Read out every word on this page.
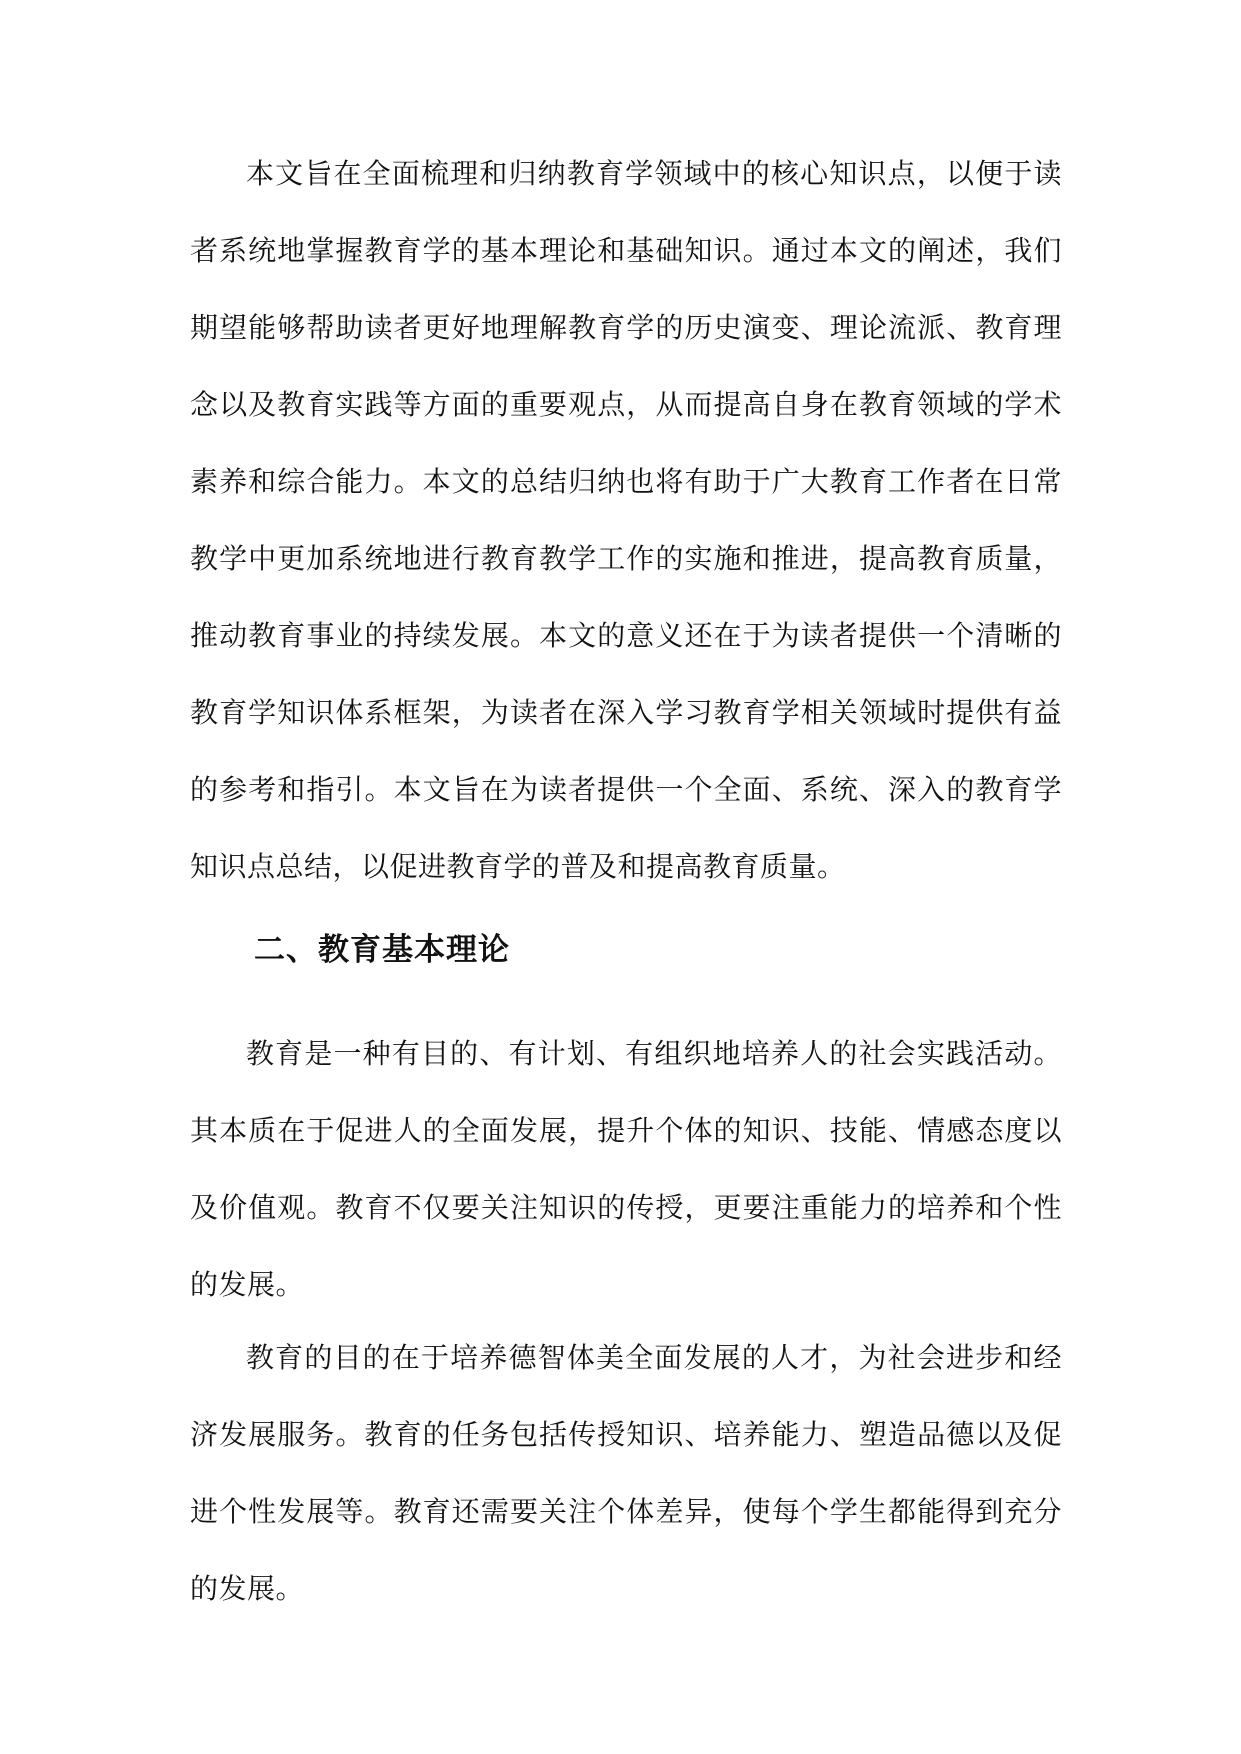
本文旨在全面梳理和归纳教育学领域中的核心知识点，以便于读者系统地掌握教育学的基本理论和基础知识。通过本文的阐述，我们期望能够帮助读者更好地理解教育学的历史演变、理论流派、教育理念以及教育实践等方面的重要观点，从而提高自身在教育领域的学术素养和综合能力。本文的总结归纳也将有助于广大教育工作者在日常教学中更加系统地进行教育教学工作的实施和推进，提高教育质量，推动教育事业的持续发展。本文的意义还在于为读者提供一个清晰的教育学知识体系框架，为读者在深入学习教育学相关领域时提供有益的参考和指引。本文旨在为读者提供一个全面、系统、深入的教育学知识点总结，以促进教育学的普及和提高教育质量。

二、教育基本理论

教育是一种有目的、有计划、有组织地培养人的社会实践活动。其本质在于促进人的全面发展，提升个体的知识、技能、情感态度以及价值观。教育不仅要关注知识的传授，更要注重能力的培养和个性的发展。

教育的目的在于培养德智体美全面发展的人才，为社会进步和经济发展服务。教育的任务包括传授知识、培养能力、塑造品德以及促进个性发展等。教育还需要关注个体差异，使每个学生都能得到充分的发展。
